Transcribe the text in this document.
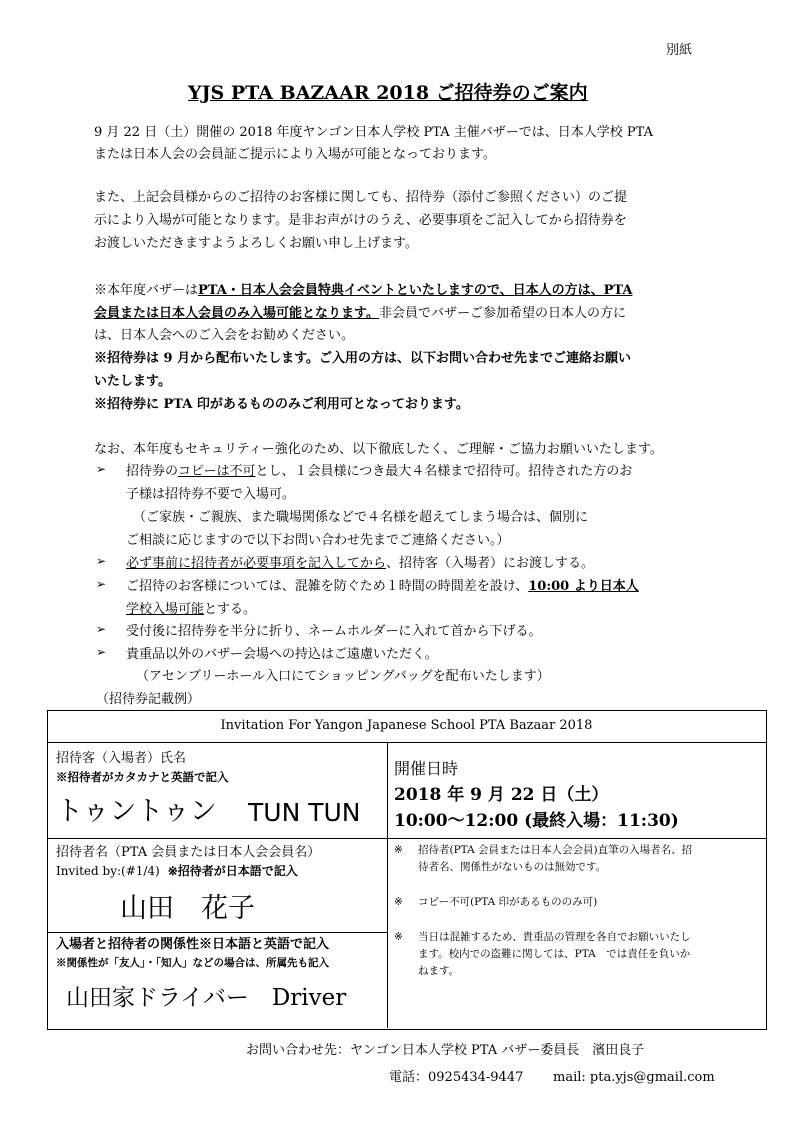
別紙
YJS PTA BAZAAR 2018 ご招待券のご案内
9 月 22 日（土）開催の 2018 年度ヤンゴン日本人学校 PTA 主催バザーでは、日本人学校 PTA
または日本人会の会員証ご提示により入場が可能となっております。
また、上記会員様からのご招待のお客様に関しても、招待券（添付ご参照ください）のご提
示により入場が可能となります。是非お声がけのうえ、必要事項をご記入してから招待券を
お渡しいただきますようよろしくお願い申し上げます。
※本年度バザーはPTA・日本人会会員特典イベントといたしますので、日本人の方は、PTA
会員または日本人会員のみ入場可能となります。非会員でバザーご参加希望の日本人の方に
は、日本人会へのご入会をお勧めください。
※招待券は 9 月から配布いたします。ご入用の方は、以下お問い合わせ先までご連絡お願い
いたします。
※招待券に PTA 印があるもののみご利用可となっております。
なお、本年度もセキュリティー強化のため、以下徹底したく、ご理解・ご協力お願いいたします。
➢ 招待券のコピーは不可とし、１会員様につき最大４名様まで招待可。招待された方のお
子様は招待券不要で入場可。
（ご家族・ご親族、また職場関係などで４名様を超えてしまう場合は、個別に
ご相談に応じますので以下お問い合わせ先までご連絡ください。）
➢ 必ず事前に招待者が必要事項を記入してから、招待客（入場者）にお渡しする。
➢ ご招待のお客様については、混雑を防ぐため１時間の時間差を設け、10:00 より日本人
学校入場可能とする。
➢ 受付後に招待券を半分に折り、ネームホルダーに入れて首から下げる。
➢ 貴重品以外のバザー会場への持込はご遠慮いただく。
（アセンブリーホール入口にてショッピングバッグを配布いたします）
（招待券記載例）
Invitation For Yangon Japanese School PTA Bazaar 2018
招待客（入場者）氏名
※招待者がカタカナと英語で記入
トゥントゥン TUN TUN
開催日時
2018 年 9 月 22 日（土）
10:00～12:00 (最終入場：11:30)
招待者名（PTA 会員または日本人会会員名）
Invited by:(#1/4) ※招待者が日本語で記入
山田　花子
入場者と招待者の関係性※日本語と英語で記入
※関係性が「友人」・「知人」などの場合は、所属先も記入
山田家ドライバー　Driver
※ 招待者(PTA 会員または日本人会会員)直筆の入場者名、招
待者名、関係性がないものは無効です。
※ コピー不可(PTA 印があるもののみ可)
※ 当日は混雑するため、貴重品の管理を各自でお願いいたし
ます。校内での盗難に関しては、PTA　では責任を負いか
ねます。
お問い合わせ先：ヤンゴン日本人学校 PTA バザー委員長　濱田良子
電話：0925434-9447 mail: pta.yjs@gmail.com
